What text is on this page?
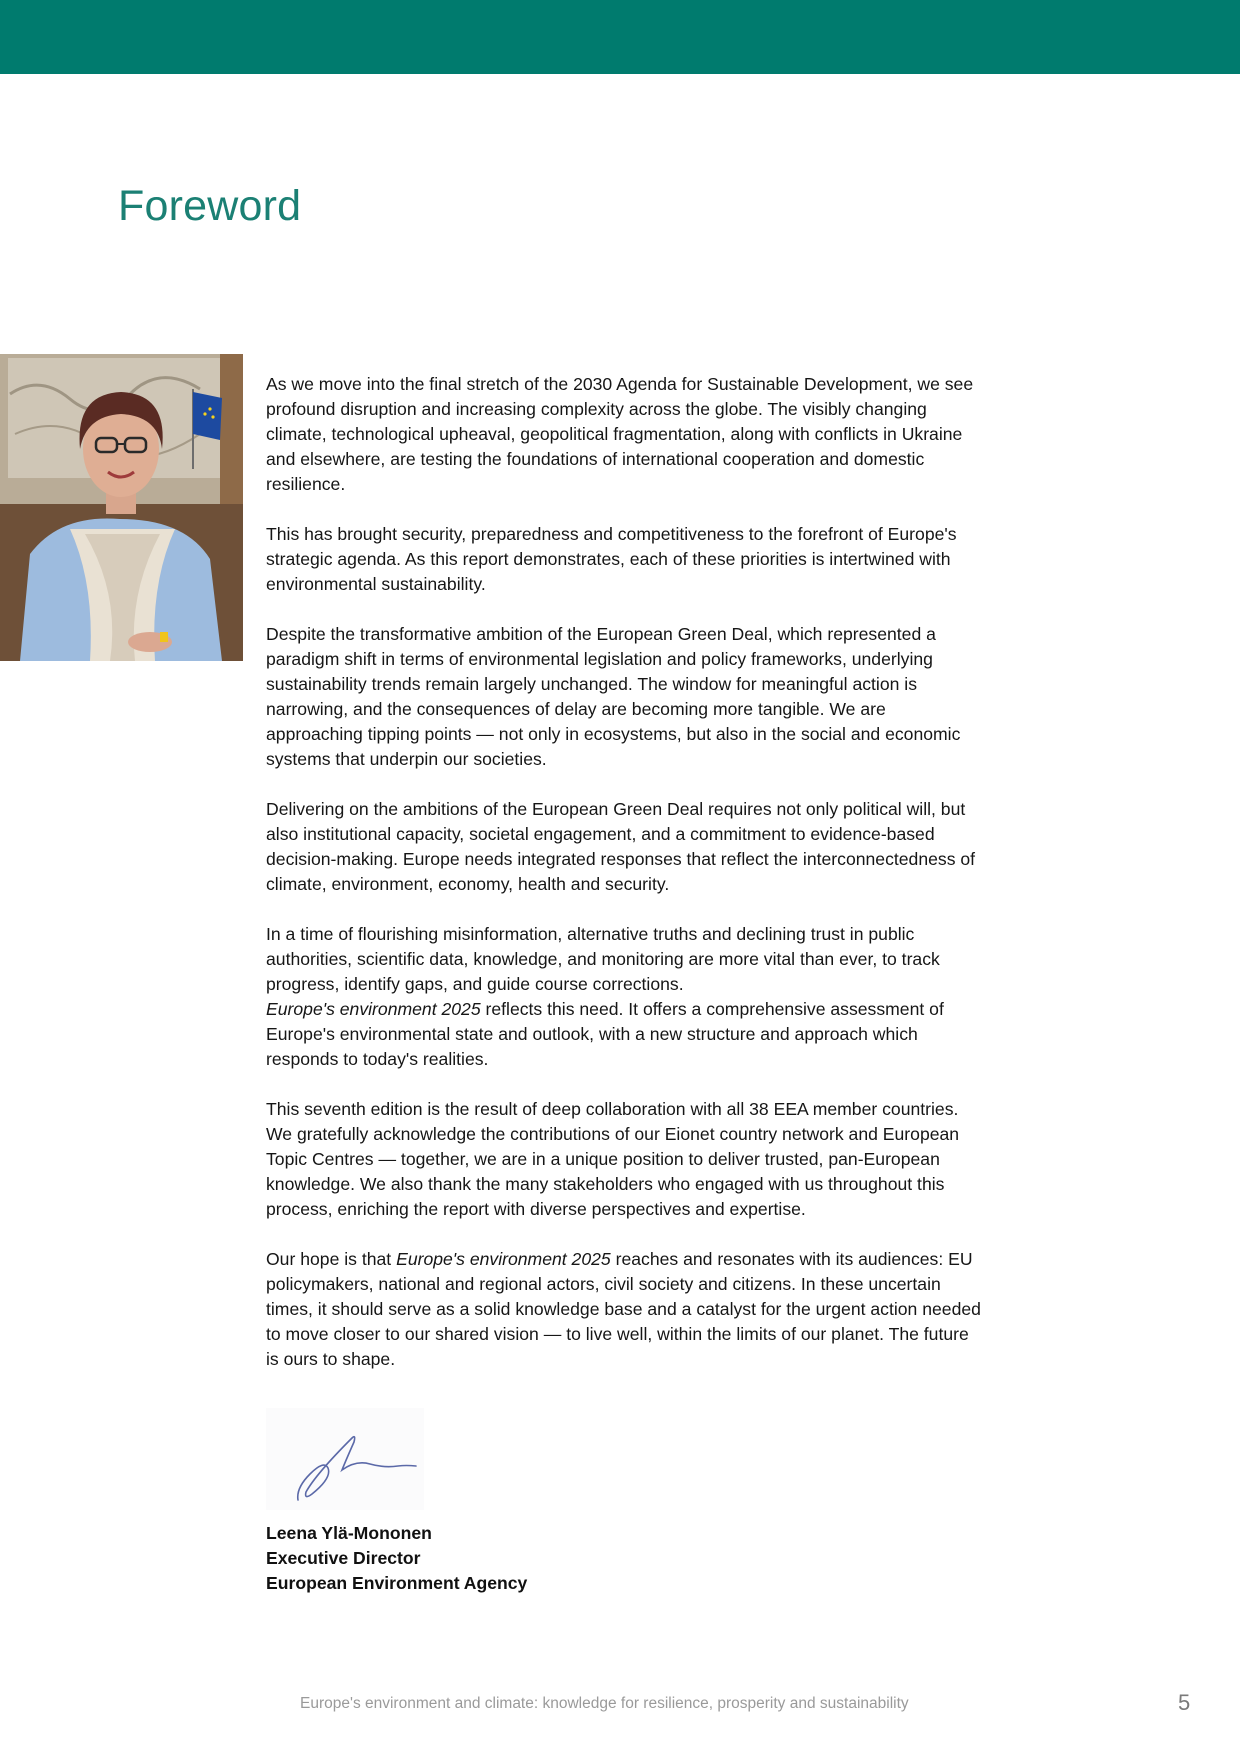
Foreword

As we move into the final stretch of the 2030 Agenda for Sustainable Development, we see profound disruption and increasing complexity across the globe. The visibly changing climate, technological upheaval, geopolitical fragmentation, along with conflicts in Ukraine and elsewhere, are testing the foundations of international cooperation and domestic resilience.

This has brought security, preparedness and competitiveness to the forefront of Europe's strategic agenda. As this report demonstrates, each of these priorities is intertwined with environmental sustainability.

Despite the transformative ambition of the European Green Deal, which represented a paradigm shift in terms of environmental legislation and policy frameworks, underlying sustainability trends remain largely unchanged. The window for meaningful action is narrowing, and the consequences of delay are becoming more tangible. We are approaching tipping points — not only in ecosystems, but also in the social and economic systems that underpin our societies.

Delivering on the ambitions of the European Green Deal requires not only political will, but also institutional capacity, societal engagement, and a commitment to evidence-based decision-making. Europe needs integrated responses that reflect the interconnectedness of climate, environment, economy, health and security.

In a time of flourishing misinformation, alternative truths and declining trust in public authorities, scientific data, knowledge, and monitoring are more vital than ever, to track progress, identify gaps, and guide course corrections.
Europe's environment 2025 reflects this need. It offers a comprehensive assessment of Europe's environmental state and outlook, with a new structure and approach which responds to today's realities.

This seventh edition is the result of deep collaboration with all 38 EEA member countries. We gratefully acknowledge the contributions of our Eionet country network and European Topic Centres — together, we are in a unique position to deliver trusted, pan-European knowledge. We also thank the many stakeholders who engaged with us throughout this process, enriching the report with diverse perspectives and expertise.

Our hope is that Europe's environment 2025 reaches and resonates with its audiences: EU policymakers, national and regional actors, civil society and citizens. In these uncertain times, it should serve as a solid knowledge base and a catalyst for the urgent action needed to move closer to our shared vision — to live well, within the limits of our planet. The future is ours to shape.

Leena Ylä-Mononen
Executive Director
European Environment Agency
Europe's environment and climate: knowledge for resilience, prosperity and sustainability	5
